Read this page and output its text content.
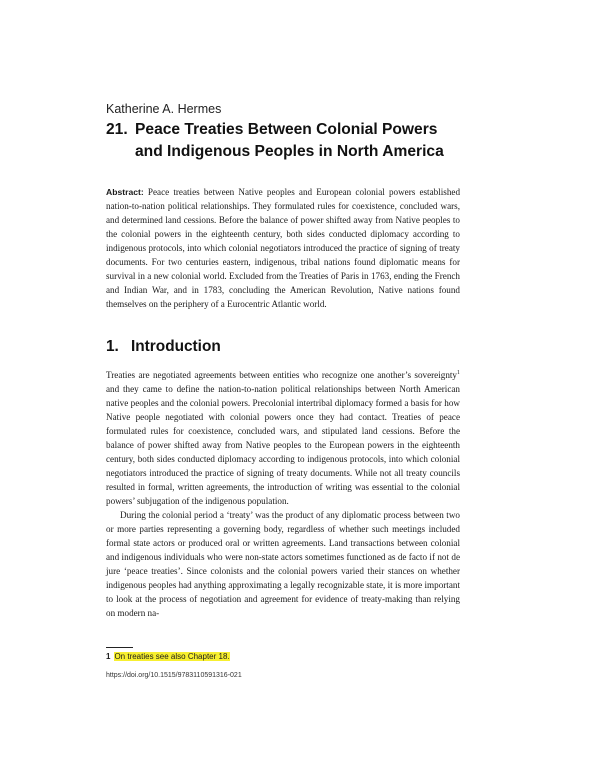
Katherine A. Hermes
21. Peace Treaties Between Colonial Powers
and Indigenous Peoples in North America
Abstract: Peace treaties between Native peoples and European colonial powers established nation-to-nation political relationships. They formulated rules for coexistence, concluded wars, and determined land cessions. Before the balance of power shifted away from Native peoples to the colonial powers in the eighteenth century, both sides conducted diplomacy according to indigenous protocols, into which colonial negotiators introduced the practice of signing of treaty documents. For two centuries eastern, indigenous, tribal nations found diplomatic means for survival in a new colonial world. Excluded from the Treaties of Paris in 1763, ending the French and Indian War, and in 1783, concluding the American Revolution, Native nations found themselves on the periphery of a Eurocentric Atlantic world.
1. Introduction

Treaties are negotiated agreements between entities who recognize one another’s sovereignty$^1$ and they came to define the nation-to-nation political relationships between North American native peoples and the colonial powers. Precolonial intertribal diplomacy formed a basis for how Native people negotiated with colonial powers once they had contact. Treaties of peace formulated rules for coexistence, concluded wars, and stipulated land cessions. Before the balance of power shifted away from Native peoples to the European powers in the eighteenth century, both sides conducted diplomacy according to indigenous protocols, into which colonial negotiators introduced the practice of signing of treaty documents. While not all treaty councils resulted in formal, written agreements, the introduction of writing was essential to the colonial powers’ subjugation of the indigenous population.

During the colonial period a ‘treaty’ was the product of any diplomatic process between two or more parties representing a governing body, regardless of whether such meetings included formal state actors or produced oral or written agreements. Land transactions between colonial and indigenous individuals who were non-state actors sometimes functioned as de facto if not de jure ‘peace treaties’. Since colonists and the colonial powers varied their stances on whether indigenous peoples had anything approximating a legally recognizable state, it is more important to look at the process of negotiation and agreement for evidence of treaty-making than relying on modern na-

1 On treaties see also Chapter 18.
https://doi.org/10.1515/9783110591316-021
